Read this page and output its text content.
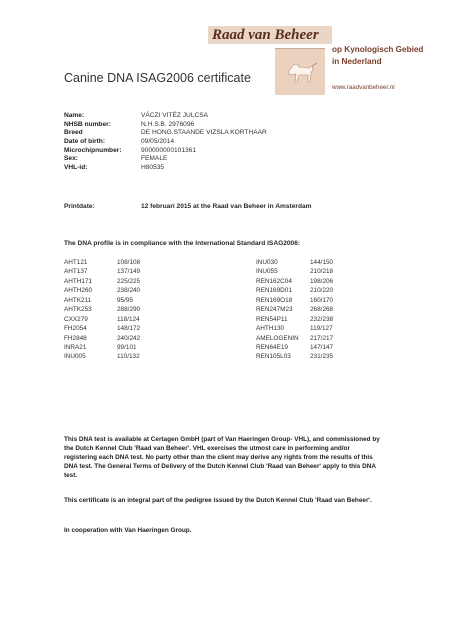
Raad van Beheer
op Kynologisch Gebied
in Nederland
www.raadvanbeheer.nl
Canine DNA ISAG2006 certificate
Name:	VÁCZI VITÉZ JULCSA
NHSB number:	N.H.S.B. 2976096
Breed	DE HONG.STAANDE VIZSLA KORTHAAR
Date of birth:	09/05/2014
Microchipnumber:	900000000101361
Sex:	FEMALE
VHL-id:	H80535
Printdate:	12 februari 2015 at the Raad van Beheer in Amsterdam
The DNA profile is in compliance with the International Standard ISAG2006:
AHT121	108/108
AHT137	137/149
AHTH171	225/225
AHTH260	238/240
AHTK211	95/95
AHTK253	288/290
CXX279	118/124
FH2054	148/172
FH2848	240/242
INRA21	99/101
INU005	110/132
INU030	144/150
INU055	210/218
REN162C04	198/206
REN169D01	210/220
REN169O18	160/170
REN247M23	268/268
REN54P11	232/238
AHTH130	119/127
AMELOGENIN 217/217
REN64E19	147/147
REN105L03	231/235
This DNA test is available at Certagen GmbH (part of Van Haeringen Group- VHL), and commissioned by the Dutch Kennel Club 'Raad van Beheer'. VHL exercises the utmost care in performing and/or registering each DNA test. No party other than the client may derive any rights from the results of this DNA test. The General Terms of Delivery of the Dutch Kennel Club 'Raad van Beheer' apply to this DNA test.
This certificate is an integral part of the pedigree issued by the Dutch Kennel Club 'Raad van Beheer'.
In cooperation with Van Haeringen Group.
